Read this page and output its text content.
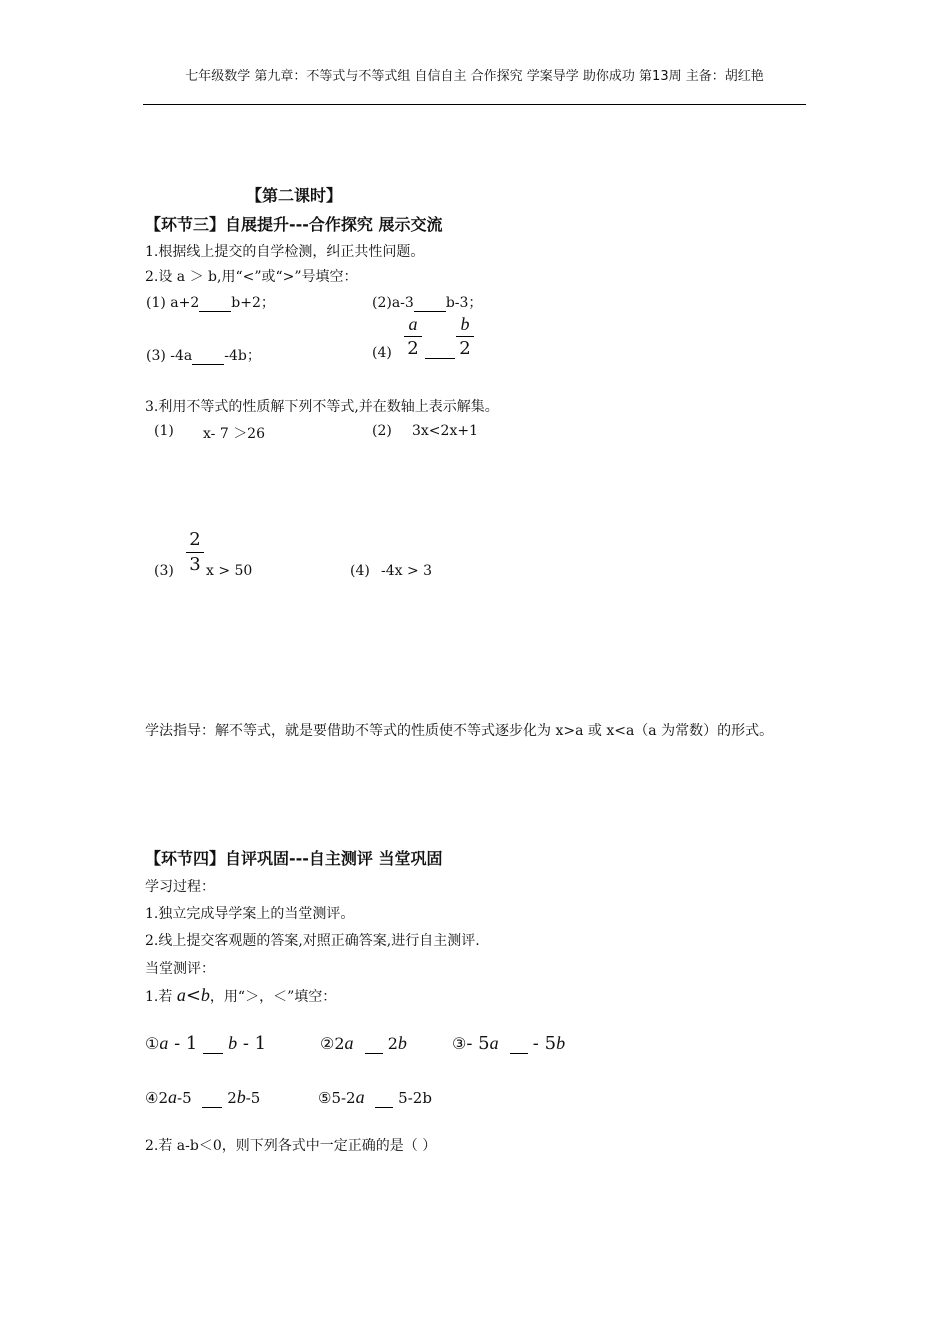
七年级数学 第九章：不等式与不等式组 自信自主 合作探究 学案导学 助你成功 第13周 主备：胡红艳
【第二课时】
【环节三】自展提升---合作探究 展示交流
1.根据线上提交的自学检测，纠正共性问题。
2.设 a ＞ b,用“<”或“>”号填空：
(1) a+2 b+2；	(2)a-3 b-3；
(3) -4a -4b；	(4)
a
2

b
2
3.利用不等式的性质解下列不等式,并在数轴上表示解集。
(1) x- 7 ＞26	(2) 3x<2x+1
(3)
2
3 x > 50	(4) -4x > 3
学法指导：解不等式，就是要借助不等式的性质使不等式逐步化为 x>a 或 x<a（a 为常数）的形式。
【环节四】自评巩固---自主测评 当堂巩固
学习过程：
1.独立完成导学案上的当堂测评。
2.线上提交客观题的答案,对照正确答案,进行自主测评.
当堂测评：
1.若 a<b，用“＞，＜”填空：
①a - 1   b - 1	②2a 2b	③- 5a - 5b
④2a-5 2b-5	⑤5-2a 5-2b
2.若 a-b＜0，则下列各式中一定正确的是（ ）
